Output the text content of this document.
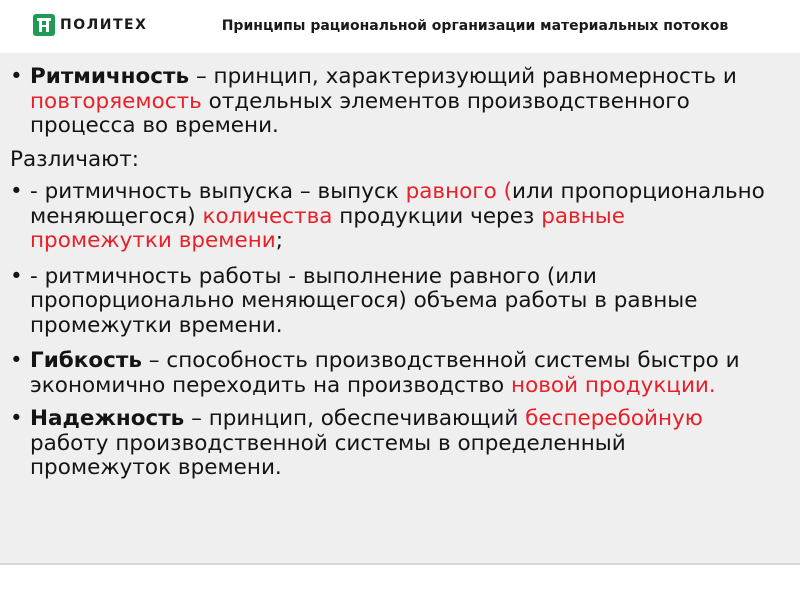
ПОЛИТЕХ	Принципы рациональной организации материальных потоков
• Ритмичность – принцип, характеризующий равномерность и повторяемость отдельных элементов производственного процесса во времени.
Различают:
• - ритмичность выпуска – выпуск равного (или пропорционально меняющегося) количества продукции через равные промежутки времени;
• - ритмичность работы - выполнение равного (или пропорционально меняющегося) объема работы в равные промежутки времени.
• Гибкость – способность производственной системы быстро и экономично переходить на производство новой продукции.
• Надежность – принцип, обеспечивающий бесперебойную работу производственной системы в определенный промежуток времени.
